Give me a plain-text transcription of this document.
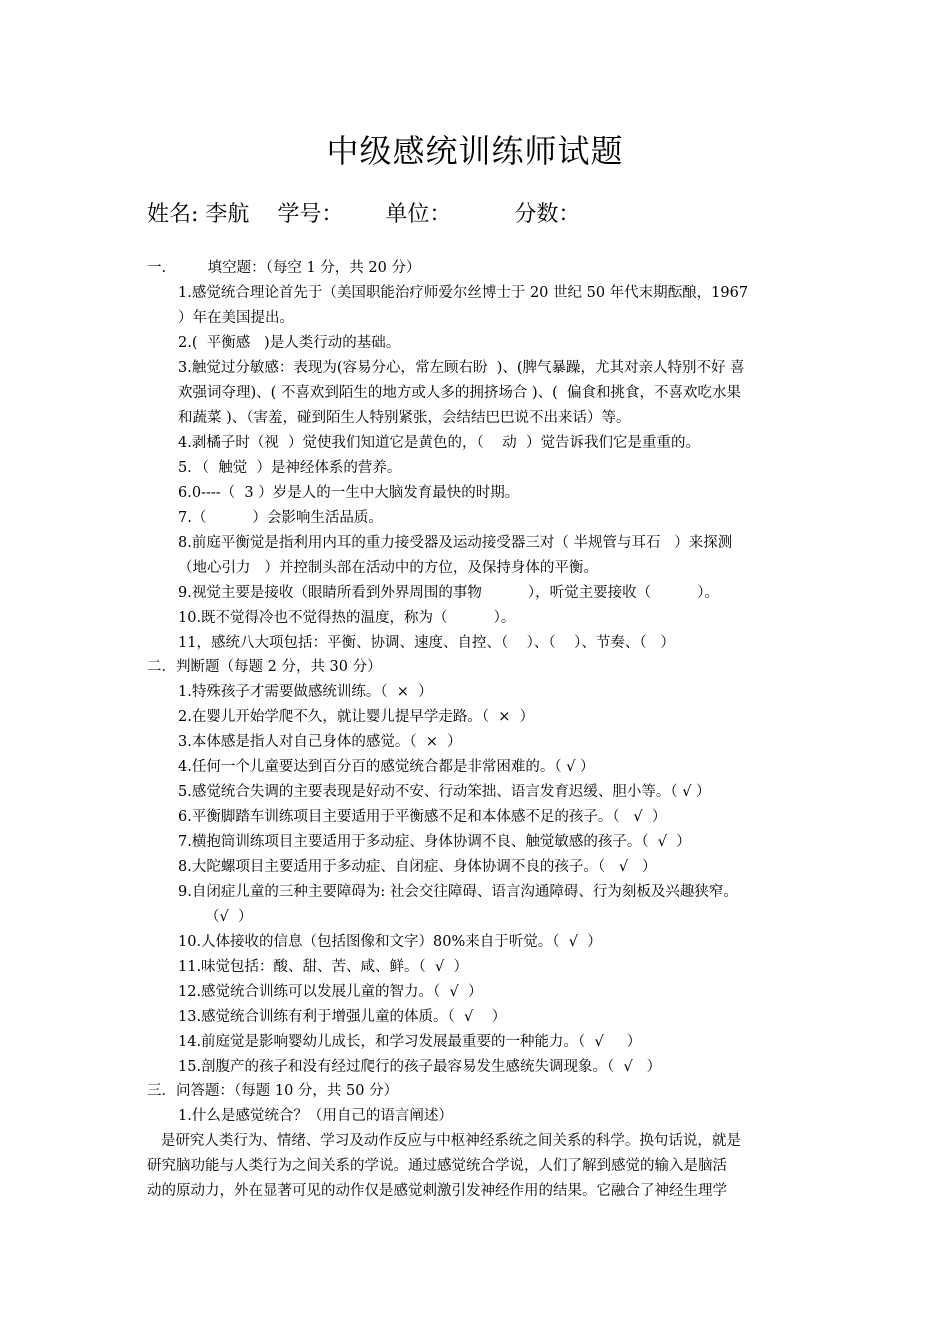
中级感统训练师试题
姓名: 李航 学号： 单位：	分数：
一.         填空题：（每空 1 分，共 20 分）
1.感觉统合理论首先于（美国职能治疗师爱尔丝博士于 20 世纪 50 年代末期酝酿，1967
）年在美国提出。
2.(  平衡感   )是人类行动的基础。
3.触觉过分敏感：表现为(容易分心，常左顾右盼  )、(脾气暴躁，尤其对亲人特别不好 喜
欢强词夺理)、( 不喜欢到陌生的地方或人多的拥挤场合 )、(  偏食和挑食，不喜欢吃水果
和蔬菜 )、（害羞，碰到陌生人特别紧张，会结结巴巴说不出来话）等。
4.剥橘子时（视  ）觉使我们知道它是黄色的，（    动  ）觉告诉我们它是重重的。
5．（  触觉  ）是神经体系的营养。
6.0----（  3 ）岁是人的一生中大脑发育最快的时期。
7.（          ）会影响生活品质。
8.前庭平衡觉是指利用内耳的重力接受器及运动接受器三对（ 半规管与耳石   ）来探测
（地心引力   ）并控制头部在活动中的方位，及保持身体的平衡。
9.视觉主要是接收（眼睛所看到外界周围的事物          ），听觉主要接收（          ）。
10.既不觉得冷也不觉得热的温度，称为（          ）。
11，感统八大项包括：平衡、协调、速度、自控、（    ）、（    ）、节奏、（   ）
二．判断题（每题 2 分，共 30 分）
1.特殊孩子才需要做感统训练。（  ×  ）
2.在婴儿开始学爬不久，就让婴儿提早学走路。（  ×  ）
3.本体感是指人对自己身体的感觉。（  ×  ）
4.任何一个儿童要达到百分百的感觉统合都是非常困难的。（ √ ）
5.感觉统合失调的主要表现是好动不安、行动笨拙、语言发育迟缓、胆小等。（ √ ）
6.平衡脚踏车训练项目主要适用于平衡感不足和本体感不足的孩子。（   √  ）
7.横抱筒训练项目主要适用于多动症、身体协调不良、触觉敏感的孩子。（  √  ）
8.大陀螺项目主要适用于多动症、自闭症、身体协调不良的孩子。（   √   ）
9.自闭症儿童的三种主要障碍为: 社会交往障碍、语言沟通障碍、行为刻板及兴趣狭窄。
（√  ）
10.人体接收的信息（包括图像和文字）80%来自于听觉。（  √  ）
11.味觉包括：酸、甜、苦、咸、鲜。（  √  ）
12.感觉统合训练可以发展儿童的智力。（  √  ）
13.感觉统合训练有利于增强儿童的体质。（  √    ）
14.前庭觉是影响婴幼儿成长，和学习发展最重要的一种能力。（  √     ）
15.剖腹产的孩子和没有经过爬行的孩子最容易发生感统失调现象。（  √   ）
三．问答题：（每题 10 分，共 50 分）
1.什么是感觉统合？（用自己的语言阐述）
是研究人类行为、情绪、学习及动作反应与中枢神经系统之间关系的科学。换句话说，就是
研究脑功能与人类行为之间关系的学说。通过感觉统合学说，人们了解到感觉的输入是脑活
动的原动力，外在显著可见的动作仅是感觉刺激引发神经作用的结果。它融合了神经生理学
